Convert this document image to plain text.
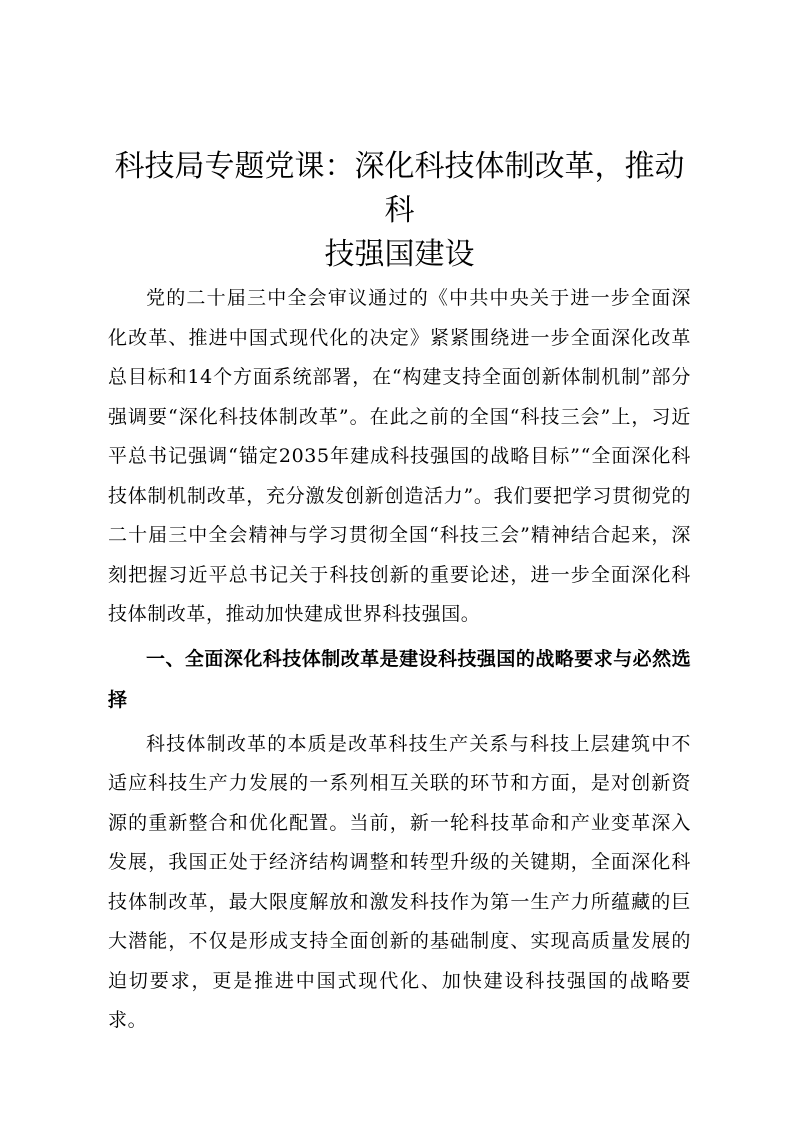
科技局专题党课：深化科技体制改革，推动科
技强国建设

党的二十届三中全会审议通过的《中共中央关于进一步全面深化改革、推进中国式现代化的决定》紧紧围绕进一步全面深化改革总目标和14个方面系统部署，在“构建支持全面创新体制机制”部分强调要“深化科技体制改革”。在此之前的全国“科技三会”上，习近平总书记强调“锚定2035年建成科技强国的战略目标”“全面深化科技体制机制改革，充分激发创新创造活力”。我们要把学习贯彻党的二十届三中全会精神与学习贯彻全国“科技三会”精神结合起来，深刻把握习近平总书记关于科技创新的重要论述，进一步全面深化科技体制改革，推动加快建成世界科技强国。

一、全面深化科技体制改革是建设科技强国的战略要求与必然选择

科技体制改革的本质是改革科技生产关系与科技上层建筑中不适应科技生产力发展的一系列相互关联的环节和方面，是对创新资源的重新整合和优化配置。当前，新一轮科技革命和产业变革深入发展，我国正处于经济结构调整和转型升级的关键期，全面深化科技体制改革，最大限度解放和激发科技作为第一生产力所蕴藏的巨大潜能，不仅是形成支持全面创新的基础制度、实现高质量发展的迫切要求，更是推进中国式现代化、加快建设科技强国的战略要求。
